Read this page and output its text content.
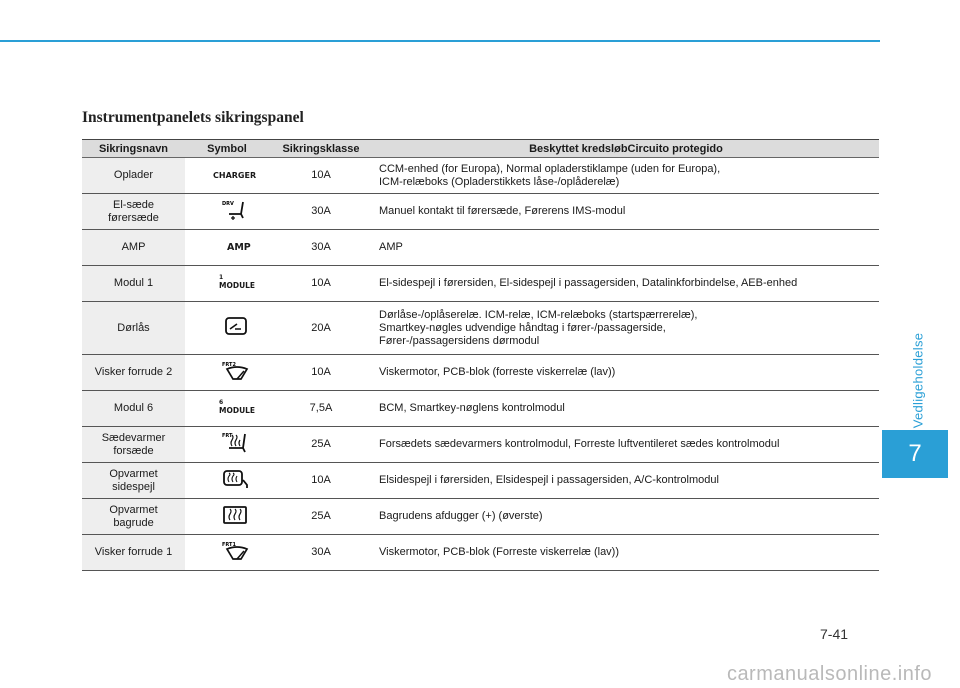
Instrumentpanelets sikringspanel
Sikringsnavn	Symbol	Sikringsklasse	Beskyttet kredsløbCircuito protegido

Oplader	CHARGER	10A	CCM-enhed (for Europa), Normal opladerstiklampe (uden for Europa),
ICM-relæboks (Opladerstikkets låse-/oplåderelæ)

El-sæde
førersæde	DRV	30A	Manuel kontakt til førersæde, Førerens IMS-modul

AMP	AMP	30A	AMP

Modul 1	1
MODULE	10A	El-sidespejl i førersiden, El-sidespejl i passagersiden, Datalinkforbindelse, AEB-enhed

Dørlås		20A	Dørlåse-/oplåserelæ. ICM-relæ, ICM-relæboks (startspærrerelæ),
Smartkey-nøgles udvendige håndtag i fører-/passagerside,
Fører-/passagersidens dørmodul

Visker forrude 2	FRT2	10A	Viskermotor, PCB-blok (forreste viskerrelæ (lav))

Modul 6	6
MODULE	7,5A	BCM, Smartkey-nøglens kontrolmodul

Sædevarmer
forsæde	FRT	25A	Forsædets sædevarmers kontrolmodul, Forreste luftventileret sædes kontrolmodul

Opvarmet
sidespejl		10A	Elsidespejl i førersiden, Elsidespejl i passagersiden, A/C-kontrolmodul

Opvarmet
bagrude		25A	Bagrudens afdugger (+) (øverste)

Visker forrude 1	FRT1	30A	Viskermotor, PCB-blok (Forreste viskerrelæ (lav))
Vedligeholdelse
7
7-41
carmanualsonline.info
